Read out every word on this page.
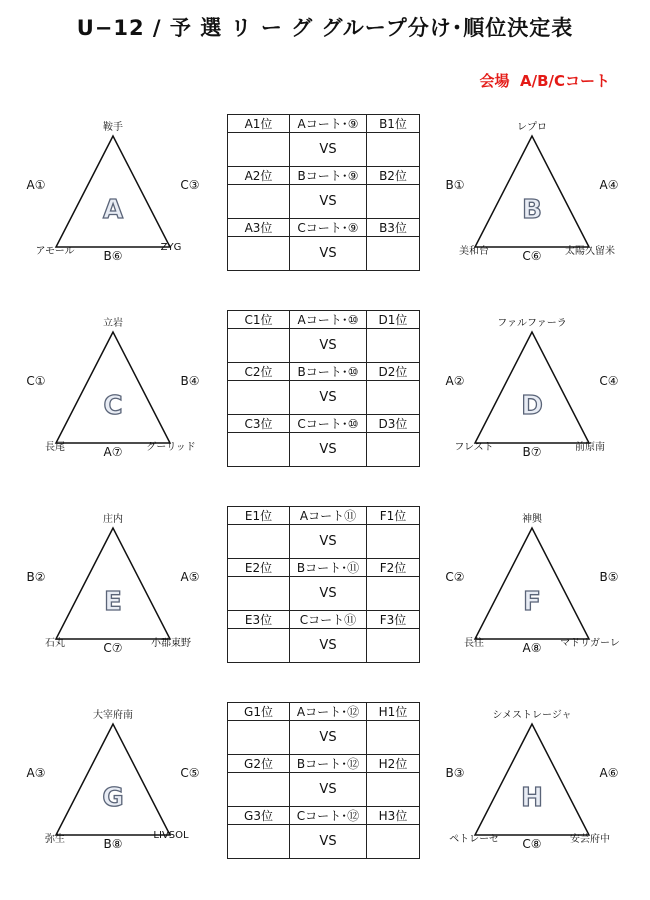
U−12 / 予 選 リ ー グ グループ分け･順位決定表
会場 A/B/Cコート
A
鞍手
A①	C③
アモール	ZYG
B⑥
B
レプロ
B①	A④
美和台	太陽久留米
C⑥
A1位	Aコート･⑨	B1位
	VS	
A2位	Bコート･⑨	B2位
	VS	
A3位	Cコート･⑨	B3位
	VS	
C
立岩
C①	B④
長尾	グーリッド
A⑦
D
ファルファーラ
A②	C④
フレスト	前原南
B⑦
C1位	Aコート･⑩	D1位
	VS	
C2位	Bコート･⑩	D2位
	VS	
C3位	Cコート･⑩	D3位
	VS	
E
庄内
B②	A⑤
石丸	小郡東野
C⑦
F
神興
C②	B⑤
長住	マドリガーレ
A⑧
E1位	Aコート⑪	F1位
	VS	
E2位	Bコート･⑪	F2位
	VS	
E3位	Cコート⑪	F3位
	VS	
G
大宰府南
A③	C⑤
弥生	LIVSOL
B⑧
H
シメストレージャ
B③	A⑥
ペトレーセ	安芸府中
C⑧
G1位	Aコート･⑫	H1位
	VS	
G2位	Bコート･⑫	H2位
	VS	
G3位	Cコート･⑫	H3位
	VS	
